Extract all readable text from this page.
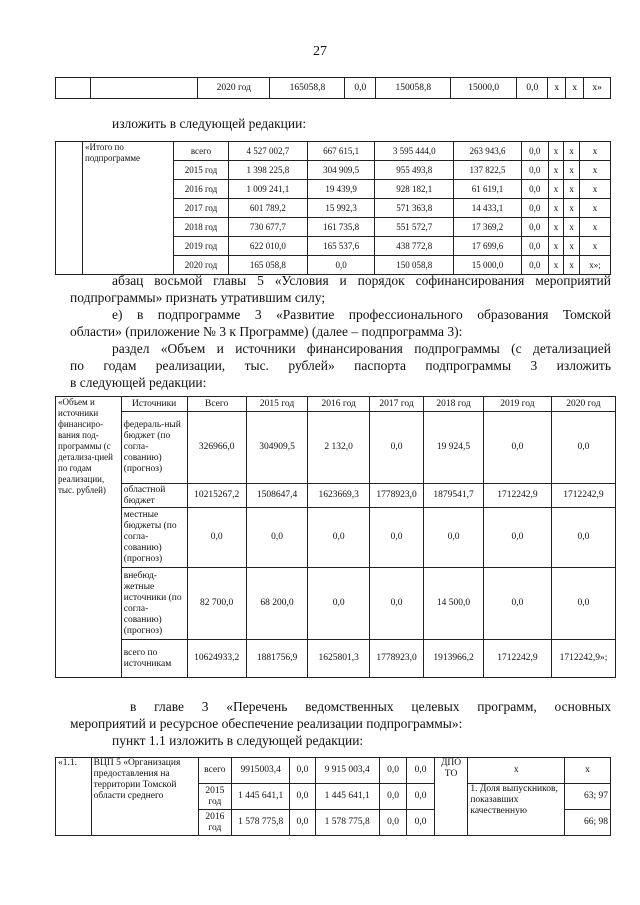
27
		2020 год	165058,8	0,0	150058,8	15000,0	0,0	х	х	х»
изложить в следующей редакции:
	«Итого по подпрограмме	всего	4 527 002,7	667 615,1	3 595 444,0	263 943,6	0,0	х	х	х
		2015 год	1 398 225,8	304 909,5	955 493,8	137 822,5	0,0	х	х	х
		2016 год	1 009 241,1	19 439,9	928 182,1	61 619,1	0,0	х	х	х
		2017 год	601 789,2	15 992,3	571 363,8	14 433,1	0,0	х	х	х
		2018 год	730 677,7	161 735,8	551 572,7	17 369,2	0,0	х	х	х
		2019 год	622 010,0	165 537,6	438 772,8	17 699,6	0,0	х	х	х
		2020 год	165 058,8	0,0	150 058,8	15 000,0	0,0	х	х	х»;
абзац восьмой главы 5 «Условия и порядок софинансирования мероприятий
подпрограммы» признать утратившим силу;
е) в подпрограмме 3 «Развитие профессионального образования Томской
области» (приложение № 3 к Программе) (далее – подпрограмма 3):
раздел «Объем и источники финансирования подпрограммы (с детализацией
по годам реализации, тыс. рублей» паспорта подпрограммы 3 изложить
в следующей редакции:
«Объем и источники финансиро-вания под-программы (с детализа-цией по годам реализации, тыс. рублей)	Источники	Всего	2015 год	2016 год	2017 год	2018 год	2019 год	2020 год
	федераль-ный бюджет (по согла-сованию) (прогноз)	326966,0	304909,5	2 132,0	0,0	19 924,5	0,0	0,0
	областной бюджет	10215267,2	1508647,4	1623669,3	1778923,0	1879541,7	1712242,9	1712242,9
	местные бюджеты (по согла-сованию) (прогноз)	0,0	0,0	0,0	0,0	0,0	0,0	0,0
	внебюд-жетные источники (по согла-сованию) (прогноз)	82 700,0	68 200,0	0,0	0,0	14 500,0	0,0	0,0
	всего по источникам	10624933,2	1881756,9	1625801,3	1778923,0	1913966,2	1712242,9	1712242,9»;
в главе 3 «Перечень ведомственных целевых программ, основных
мероприятий и ресурсное обеспечение реализации подпрограммы»:
пункт 1.1 изложить в следующей редакции:
«1.1.	ВЦП 5 «Организация предоставления на территории Томской области среднего	всего	9915003,4	0,0	9 915 003,4	0,0	0,0	ДПО ТО	х	х
		2015 год	1 445 641,1	0,0	1 445 641,1	0,0	0,0		1. Доля выпускников, показавших качественную	63; 97
		2016 год	1 578 775,8	0,0	1 578 775,8	0,0	0,0			66; 98
